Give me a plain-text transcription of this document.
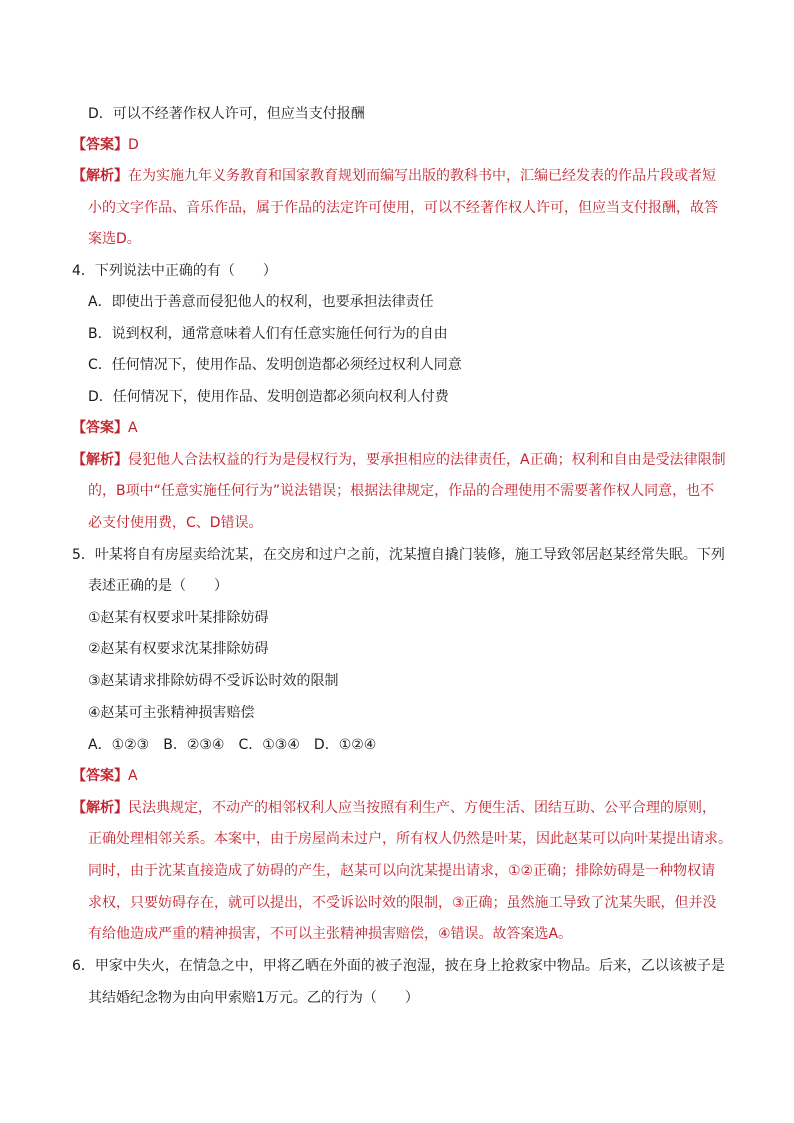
D．可以不经著作权人许可，但应当支付报酬
【答案】D
【解析】在为实施九年义务教育和国家教育规划而编写出版的教科书中，汇编已经发表的作品片段或者短
小的文字作品、音乐作品，属于作品的法定许可使用，可以不经著作权人许可，但应当支付报酬，故答
案选D。
4．下列说法中正确的有（　　）
A．即使出于善意而侵犯他人的权利，也要承担法律责任
B．说到权利，通常意味着人们有任意实施任何行为的自由
C．任何情况下，使用作品、发明创造都必须经过权利人同意
D．任何情况下，使用作品、发明创造都必须向权利人付费
【答案】A
【解析】侵犯他人合法权益的行为是侵权行为，要承担相应的法律责任，A正确；权利和自由是受法律限制
的，B项中“任意实施任何行为”说法错误；根据法律规定，作品的合理使用不需要著作权人同意，也不
必支付使用费，C、D错误。
5．叶某将自有房屋卖给沈某，在交房和过户之前，沈某擅自撬门装修，施工导致邻居赵某经常失眠。下列
表述正确的是（　　）
①赵某有权要求叶某排除妨碍
②赵某有权要求沈某排除妨碍
③赵某请求排除妨碍不受诉讼时效的限制
④赵某可主张精神损害赔偿
A．①②③　B．②③④　C．①③④　D．①②④
【答案】A
【解析】民法典规定，不动产的相邻权利人应当按照有利生产、方便生活、团结互助、公平合理的原则，
正确处理相邻关系。本案中，由于房屋尚未过户，所有权人仍然是叶某，因此赵某可以向叶某提出请求。
同时，由于沈某直接造成了妨碍的产生，赵某可以向沈某提出请求，①②正确；排除妨碍是一种物权请
求权，只要妨碍存在，就可以提出，不受诉讼时效的限制，③正确；虽然施工导致了沈某失眠，但并没
有给他造成严重的精神损害，不可以主张精神损害赔偿，④错误。故答案选A。
6．甲家中失火，在情急之中，甲将乙晒在外面的被子泡湿，披在身上抢救家中物品。后来，乙以该被子是
其结婚纪念物为由向甲索赔1万元。乙的行为（　　）
